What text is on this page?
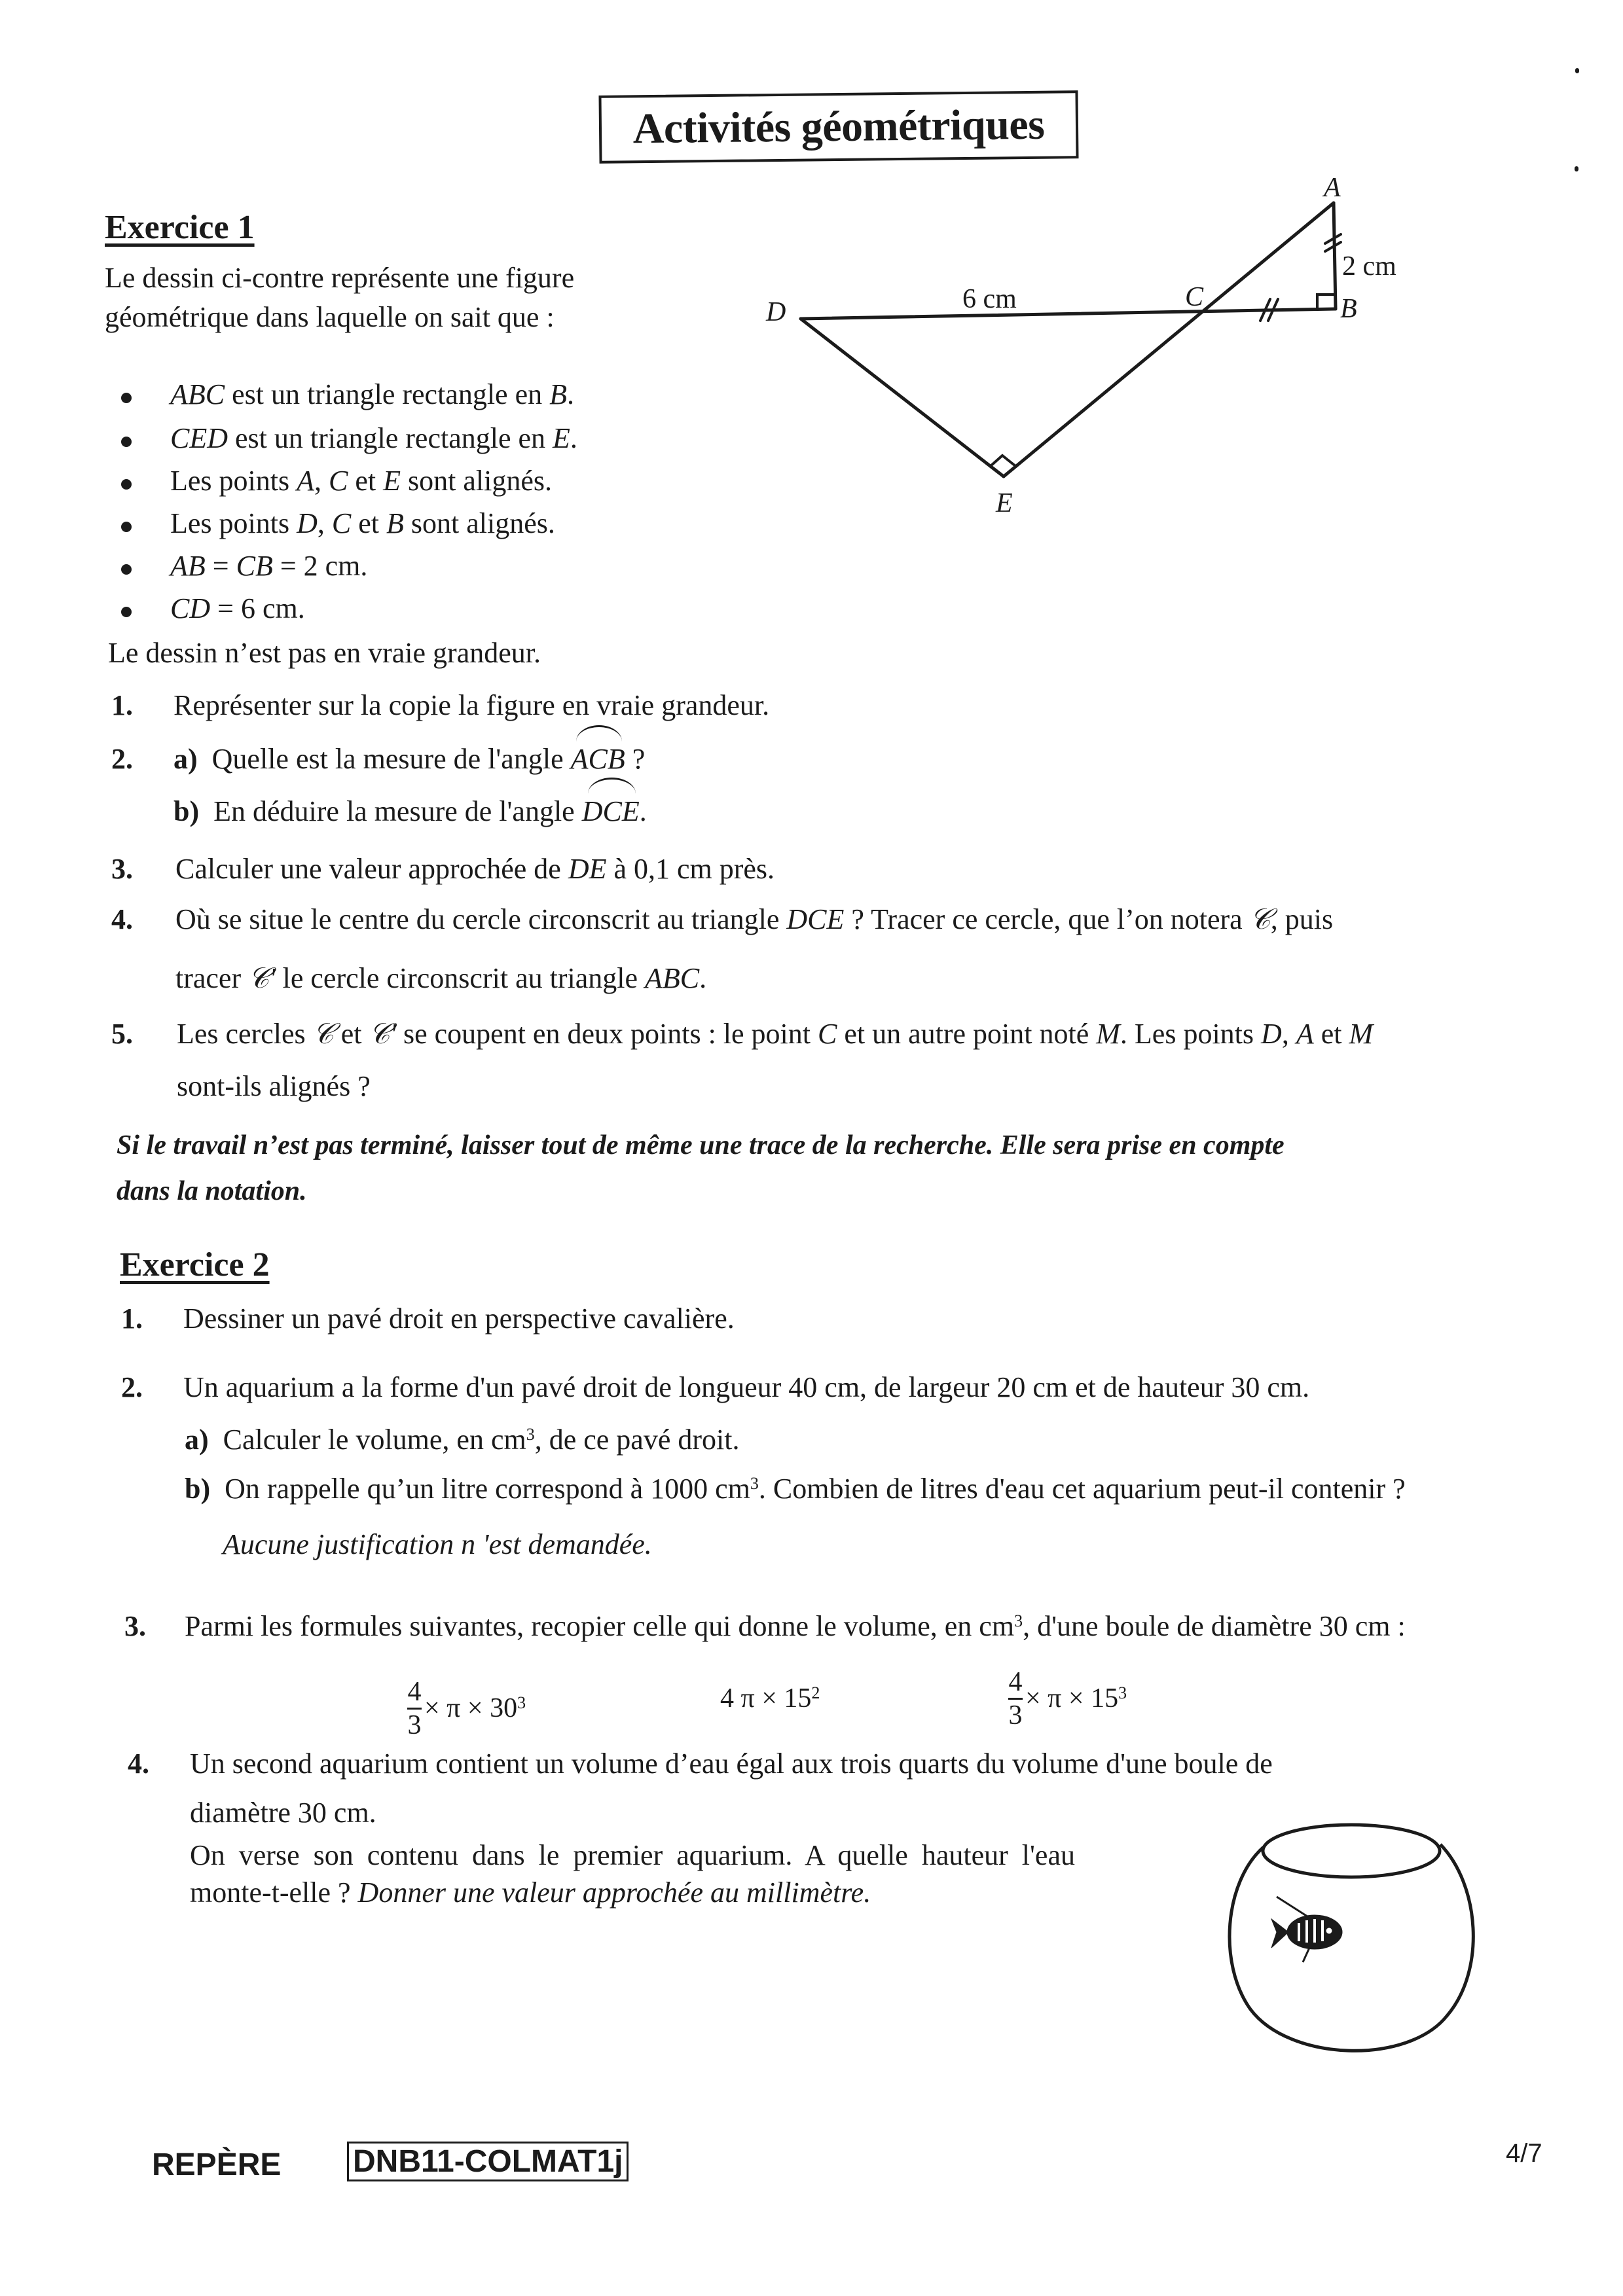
Activités géométriques
Exercice 1
Le dessin ci-contre représente une figure
géométrique dans laquelle on sait que :
ABC est un triangle rectangle en B.
CED est un triangle rectangle en E.
Les points A, C et E sont alignés.
Les points D, C et B sont alignés.
AB = CB = 2 cm.
CD = 6 cm.
A
B
C
D
E
2 cm
6 cm
Le dessin n’est pas en vraie grandeur.
1. Représenter sur la copie la figure en vraie grandeur.
2. a) Quelle est la mesure de l'angle ACB ?
b) En déduire la mesure de l'angle DCE.
3. Calculer une valeur approchée de DE à 0,1 cm près.
4. Où se situe le centre du cercle circonscrit au triangle DCE ? Tracer ce cercle, que l’on notera 𝒞, puis
tracer 𝒞' le cercle circonscrit au triangle ABC.
5. Les cercles 𝒞 et 𝒞' se coupent en deux points : le point C et un autre point noté M. Les points D, A et M
sont-ils alignés ?
Si le travail n’est pas terminé, laisser tout de même une trace de la recherche. Elle sera prise en compte
dans la notation.
Exercice 2
1. Dessiner un pavé droit en perspective cavalière.
2. Un aquarium a la forme d'un pavé droit de longueur 40 cm, de largeur 20 cm et de hauteur 30 cm.
a) Calculer le volume, en $cm^3$, de ce pavé droit.
b) On rappelle qu’un litre correspond à 1000 $cm^3$. Combien de litres d'eau cet aquarium peut-il contenir ?
Aucune justification n 'est demandée.
3. Parmi les formules suivantes, recopier celle qui donne le volume, en $cm^3$, d'une boule de diamètre 30 cm :
$\frac{4}{3} \times \pi \times 30^3$	4 $\pi \times 15^2$	$\frac{4}{3} \times \pi \times 15^3$
4. Un second aquarium contient un volume d’eau égal aux trois quarts du volume d'une boule de
diamètre 30 cm.
On verse son contenu dans le premier aquarium. A quelle hauteur l'eau
monte-t-elle ? Donner une valeur approchée au millimètre.
REPÈRE DNB11-COLMAT1j	4/7
